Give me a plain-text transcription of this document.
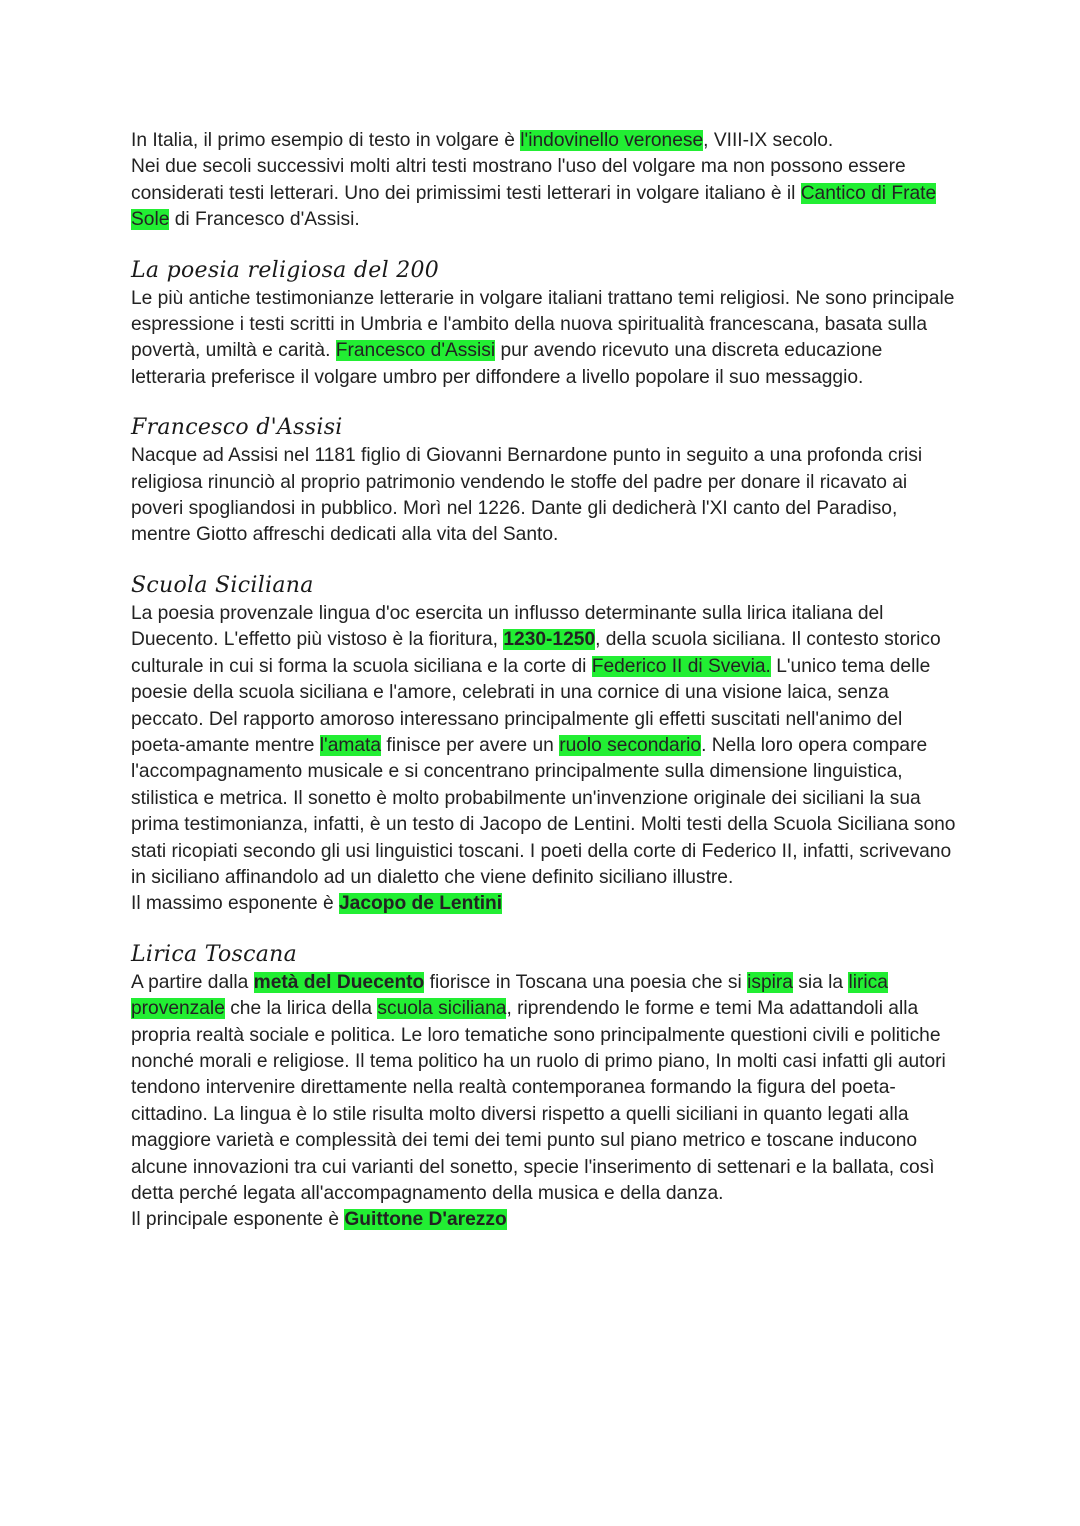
In Italia, il primo esempio di testo in volgare è l'indovinello veronese, VIII-IX secolo.
Nei due secoli successivi molti altri testi mostrano l'uso del volgare ma non possono essere considerati testi letterari. Uno dei primissimi testi letterari in volgare italiano è il Cantico di Frate Sole di Francesco d'Assisi.

La poesia religiosa del 200

Le più antiche testimonianze letterarie in volgare italiani trattano temi religiosi. Ne sono principale espressione i testi scritti in Umbria e l'ambito della nuova spiritualità francescana, basata sulla povertà, umiltà e carità. Francesco d'Assisi pur avendo ricevuto una discreta educazione letteraria preferisce il volgare umbro per diffondere a livello popolare il suo messaggio.

Francesco d'Assisi

Nacque ad Assisi nel 1181 figlio di Giovanni Bernardone punto in seguito a una profonda crisi religiosa rinunciò al proprio patrimonio vendendo le stoffe del padre per donare il ricavato ai poveri spogliandosi in pubblico. Morì nel 1226. Dante gli dedicherà l'XI canto del Paradiso, mentre Giotto affreschi dedicati alla vita del Santo.

Scuola Siciliana

La poesia provenzale lingua d'oc esercita un influsso determinante sulla lirica italiana del Duecento. L'effetto più vistoso è la fioritura, 1230-1250, della scuola siciliana. Il contesto storico culturale in cui si forma la scuola siciliana e la corte di Federico II di Svevia. L'unico tema delle poesie della scuola siciliana e l'amore, celebrati in una cornice di una visione laica, senza peccato. Del rapporto amoroso interessano principalmente gli effetti suscitati nell'animo del poeta-amante mentre l'amata finisce per avere un ruolo secondario. Nella loro opera compare l'accompagnamento musicale e si concentrano principalmente sulla dimensione linguistica, stilistica e metrica. Il sonetto è molto probabilmente un'invenzione originale dei siciliani la sua prima testimonianza, infatti, è un testo di Jacopo de Lentini. Molti testi della Scuola Siciliana sono stati ricopiati secondo gli usi linguistici toscani. I poeti della corte di Federico II, infatti, scrivevano in siciliano affinandolo ad un dialetto che viene definito siciliano illustre.
Il massimo esponente è Jacopo de Lentini

Lirica Toscana

A partire dalla metà del Duecento fiorisce in Toscana una poesia che si ispira sia la lirica provenzale che la lirica della scuola siciliana, riprendendo le forme e temi Ma adattandoli alla propria realtà sociale e politica. Le loro tematiche sono principalmente questioni civili e politiche nonché morali e religiose. Il tema politico ha un ruolo di primo piano, In molti casi infatti gli autori tendono intervenire direttamente nella realtà contemporanea formando la figura del poeta-cittadino. La lingua è lo stile risulta molto diversi rispetto a quelli siciliani in quanto legati alla maggiore varietà e complessità dei temi dei temi punto sul piano metrico e toscane inducono alcune innovazioni tra cui varianti del sonetto, specie l'inserimento di settenari e la ballata, così detta perché legata all'accompagnamento della musica e della danza.
Il principale esponente è Guittone D'arezzo
